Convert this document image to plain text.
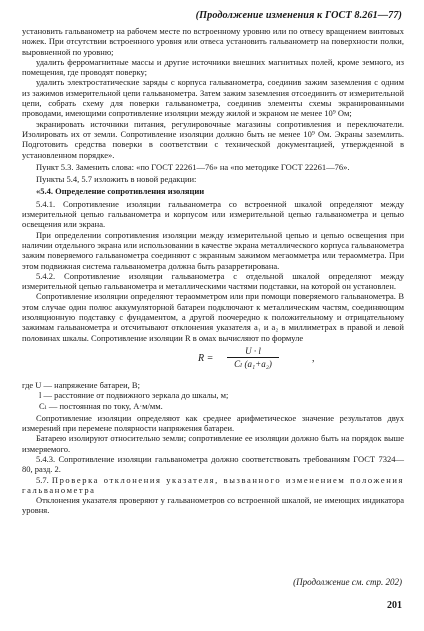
(Продолжение изменения к ГОСТ 8.261—77)

установить гальванометр на рабочем месте по встроенному уровню или по отвесу вращением винтовых ножек. При отсутствии встроенного уровня или отвеса установить гальванометр на поверхности полки, выровненной по уровню;

удалить ферромагнитные массы и другие источники внешних магнитных полей, кроме земного, из помещения, где проводят поверку;

удалить электростатические заряды с корпуса гальванометра, соединив зажим заземления с одним из зажимов измерительной цепи гальванометра. Затем зажим заземления отсоединить от измерительной цепи, собрать схему для поверки гальванометра, соединив элементы схемы экранированными проводами, имеющими сопротивление изоляции между жилой и экраном не менее 10⁹ Ом;

экранировать источники питания, регулировочные магазины сопротивления и переключатели. Изолировать их от земли. Сопротивление изоляции должно быть не менее 10⁹ Ом. Экраны заземлить. Подготовить средства поверки в соответствии с технической документацией, утвержденной в установленном порядке».

Пункт 5.3. Заменить слова: «по ГОСТ 22261—76» на «по методике ГОСТ 22261—76».

Пункты 5.4, 5.7 изложить в новой редакции:

«5.4. Определение сопротивления изоляции

5.4.1. Сопротивление изоляции гальванометра со встроенной шкалой определяют между измерительной цепью гальванометра и корпусом или измерительной цепью гальванометра и цепью освещения или экрана.

При определении сопротивления изоляции между измерительной цепью и цепью освещения при наличии отдельного экрана или использовании в качестве экрана металлического корпуса гальванометра зажим поверяемого гальванометра соединяют с экранным зажимом мегаомметра или тераомметра. При этом подвижная система гальванометра должна быть разарретирована.

5.4.2. Сопротивление изоляции гальванометра с отдельной шкалой определяют между измерительной цепью гальванометра и металлическими частями подставки, на которой он установлен.

Сопротивление изоляции определяют тераомметром или при помощи поверяемого гальванометра. В этом случае один полюс аккумуляторной батареи подключают к металлическим частям, соединяющим изоляционную подставку с фундаментом, а другой поочередно к положительному и отрицательному зажимам гальванометра и отсчитывают отклонения указателя a₁ и a₂ в миллиметрах в правой и левой половинах шкалы. Сопротивление изоляции R в омах вычисляют по формуле

$R = \frac{U \cdot l}{\text{Cₗ (a₁+a₂)}}$	,

где U — напряжение батареи, В;

l — расстояние от подвижного зеркала до шкалы, м;

Cₗ — постоянная по току, А·м/мм.

Сопротивление изоляции определяют как среднее арифметическое значение результатов двух измерений при перемене полярности напряжения батареи.

Батарею изолируют относительно земли; сопротивление ее изоляции должно быть на порядок выше измеряемого.

5.4.3. Сопротивление изоляции гальванометра должно соответствовать требованиям ГОСТ 7324—80, разд. 2.

5.7. Проверка отклонения указателя, вызванного изменением положения гальванометра

Отклонения указателя проверяют у гальванометров со встроенной шкалой, не имеющих индикатора уровня.

(Продолжение см. стр. 202)
201
